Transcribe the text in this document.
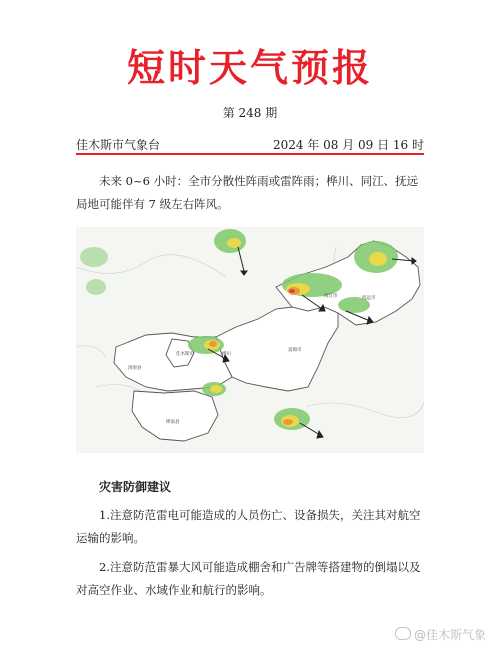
短时天气预报
第 248 期
佳木斯市气象台	2024 年 08 月 09 日 16 时
未来 0~6 小时：全市分散性阵雨或雷阵雨；桦川、同江、抚远局地可能伴有 7 级左右阵风。
佳木斯市
汤原县
桦南县
桦川
富锦市
同江市	抚远市
灾害防御建议
1.注意防范雷电可能造成的人员伤亡、设备损失，关注其对航空运输的影响。
2.注意防范雷暴大风可能造成棚舍和广告牌等搭建物的倒塌以及对高空作业、水域作业和航行的影响。
@佳木斯气象
